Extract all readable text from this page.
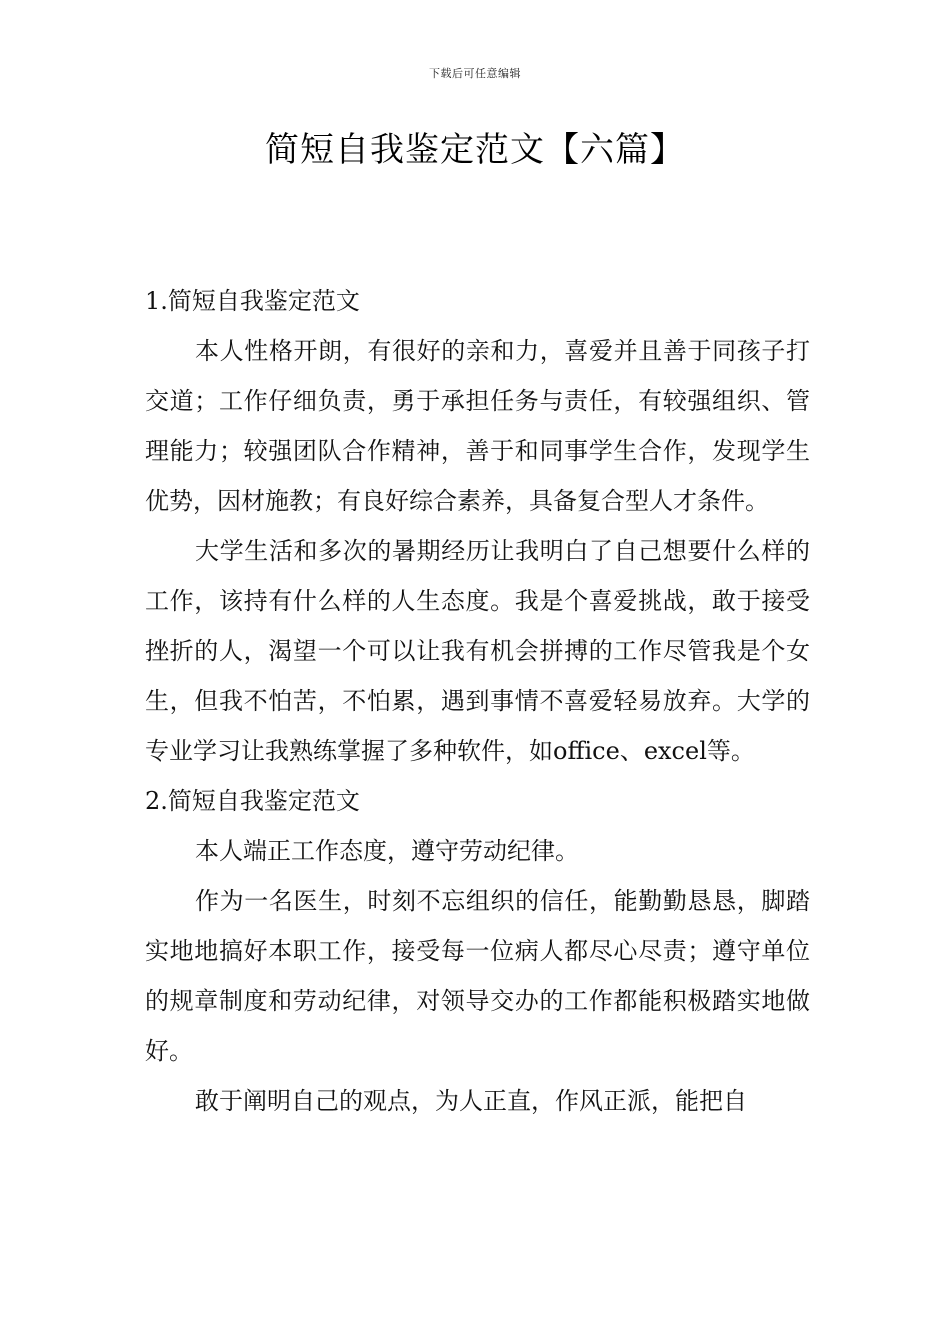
下载后可任意编辑
简短自我鉴定范文【六篇】

1.简短自我鉴定范文

本人性格开朗，有很好的亲和力，喜爱并且善于同孩子打交道；工作仔细负责，勇于承担任务与责任，有较强组织、管理能力；较强团队合作精神，善于和同事学生合作，发现学生优势，因材施教；有良好综合素养，具备复合型人才条件。

大学生活和多次的暑期经历让我明白了自己想要什么样的工作，该持有什么样的人生态度。我是个喜爱挑战，敢于接受挫折的人，渴望一个可以让我有机会拼搏的工作尽管我是个女生，但我不怕苦，不怕累，遇到事情不喜爱轻易放弃。大学的专业学习让我熟练掌握了多种软件，如office、excel等。

2.简短自我鉴定范文

本人端正工作态度，遵守劳动纪律。

作为一名医生，时刻不忘组织的信任，能勤勤恳恳，脚踏实地地搞好本职工作，接受每一位病人都尽心尽责；遵守单位的规章制度和劳动纪律，对领导交办的工作都能积极踏实地做好。

敢于阐明自己的观点，为人正直，作风正派，能把自
